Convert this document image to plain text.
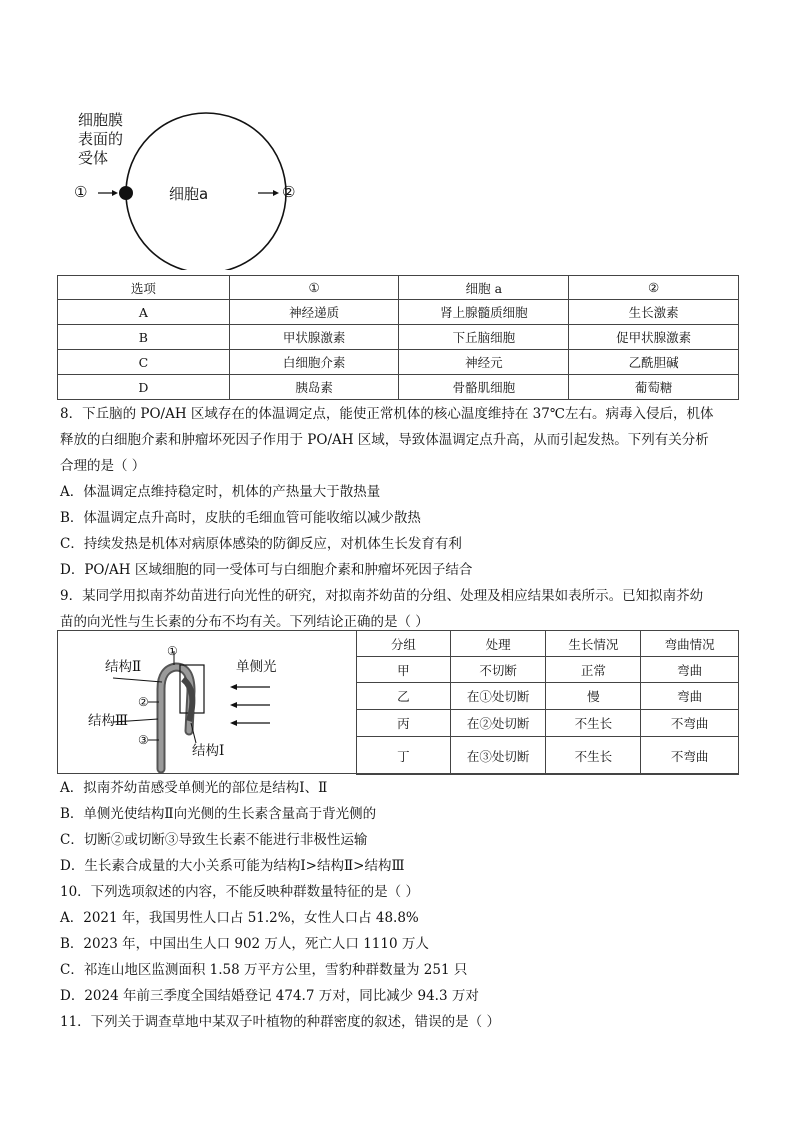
细胞膜
表面的
受体
①	细胞a	②
选项	①	细胞 a	②
A	神经递质	肾上腺髓质细胞	生长激素
B	甲状腺激素	下丘脑细胞	促甲状腺激素
C	白细胞介素	神经元	乙酰胆碱
D	胰岛素	骨骼肌细胞	葡萄糖
8．下丘脑的 PO/AH 区域存在的体温调定点，能使正常机体的核心温度维持在 37℃左右。病毒入侵后，机体
释放的白细胞介素和肿瘤坏死因子作用于 PO/AH 区域，导致体温调定点升高，从而引起发热。下列有关分析
合理的是（ ）
A．体温调定点维持稳定时，机体的产热量大于散热量
B．体温调定点升高时，皮肤的毛细血管可能收缩以减少散热
C．持续发热是机体对病原体感染的防御反应，对机体生长发育有利
D．PO/AH 区域细胞的同一受体可与白细胞介素和肿瘤坏死因子结合
9．某同学用拟南芥幼苗进行向光性的研究，对拟南芥幼苗的分组、处理及相应结果如表所示。已知拟南芥幼
苗的向光性与生长素的分布不均有关。下列结论正确的是（ ）
①
②
③
结构Ⅱ
结构Ⅲ
结构Ⅰ
单侧光
分组	处理	生长情况	弯曲情况
甲	不切断	正常	弯曲
乙	在①处切断	慢	弯曲
丙	在②处切断	不生长	不弯曲
丁	在③处切断	不生长	不弯曲
A．拟南芥幼苗感受单侧光的部位是结构Ⅰ、Ⅱ
B．单侧光使结构Ⅱ向光侧的生长素含量高于背光侧的
C．切断②或切断③导致生长素不能进行非极性运输
D．生长素合成量的大小关系可能为结构Ⅰ>结构Ⅱ>结构Ⅲ
10．下列选项叙述的内容，不能反映种群数量特征的是（ ）
A．2021 年，我国男性人口占 51.2%，女性人口占 48.8%
B．2023 年，中国出生人口 902 万人，死亡人口 1110 万人
C．祁连山地区监测面积 1.58 万平方公里，雪豹种群数量为 251 只
D．2024 年前三季度全国结婚登记 474.7 万对，同比减少 94.3 万对
11．下列关于调查草地中某双子叶植物的种群密度的叙述，错误的是（ ）
